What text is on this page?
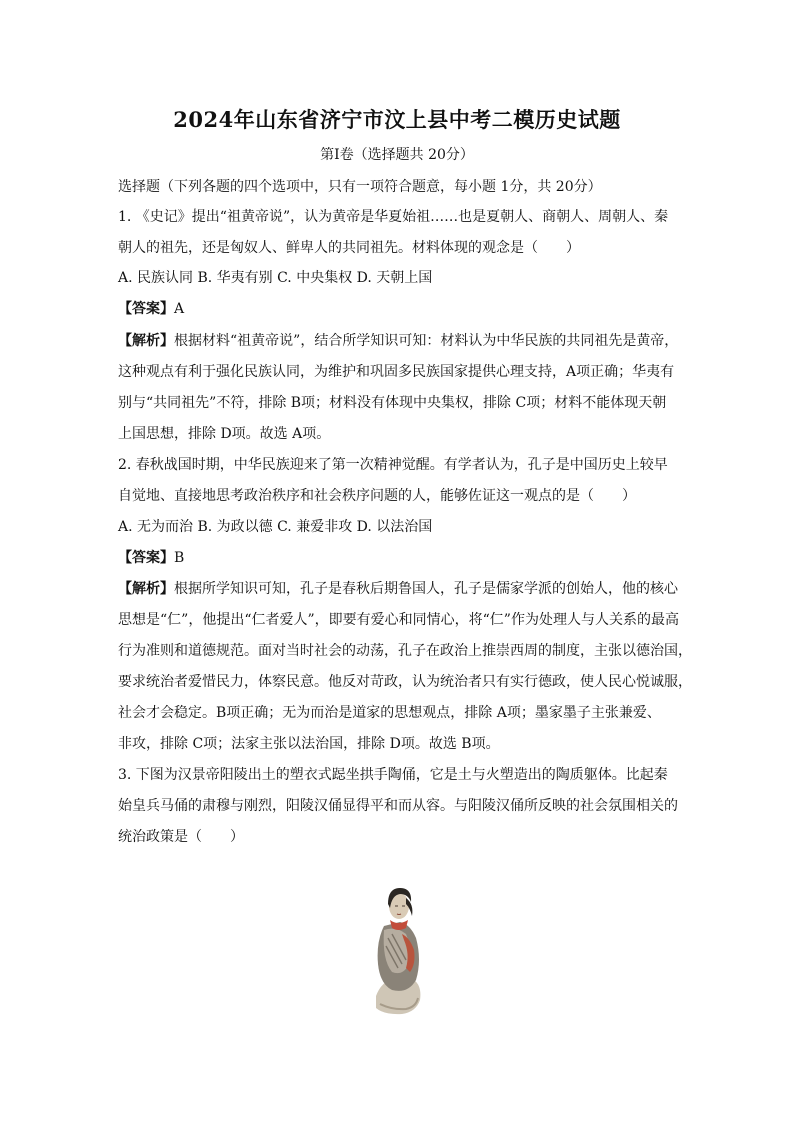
2024年山东省济宁市汶上县中考二模历史试题
第Ⅰ卷（选择题共 20分）
选择题（下列各题的四个选项中，只有一项符合题意，每小题 1分，共 20分）
1. 《史记》提出“祖黄帝说”，认为黄帝是华夏始祖……也是夏朝人、商朝人、周朝人、秦
朝人的祖先，还是匈奴人、鲜卑人的共同祖先。材料体现的观念是（　　）
A. 民族认同 B. 华夷有别 C. 中央集权 D. 天朝上国
【答案】A
【解析】根据材料“祖黄帝说”，结合所学知识可知：材料认为中华民族的共同祖先是黄帝，
这种观点有利于强化民族认同，为维护和巩固多民族国家提供心理支持，A项正确；华夷有
别与“共同祖先”不符，排除 B项；材料没有体现中央集权，排除 C项；材料不能体现天朝
上国思想，排除 D项。故选 A项。
2. 春秋战国时期，中华民族迎来了第一次精神觉醒。有学者认为，孔子是中国历史上较早
自觉地、直接地思考政治秩序和社会秩序问题的人，能够佐证这一观点的是（　　）
A. 无为而治 B. 为政以德 C. 兼爱非攻 D. 以法治国
【答案】B
【解析】根据所学知识可知，孔子是春秋后期鲁国人，孔子是儒家学派的创始人，他的核心
思想是“仁”，他提出“仁者爱人”，即要有爱心和同情心，将“仁”作为处理人与人关系的最高
行为准则和道德规范。面对当时社会的动荡，孔子在政治上推崇西周的制度，主张以德治国，
要求统治者爱惜民力，体察民意。他反对苛政，认为统治者只有实行德政，使人民心悦诚服，
社会才会稳定。B项正确；无为而治是道家的思想观点，排除 A项；墨家墨子主张兼爱、
非攻，排除 C项；法家主张以法治国，排除 D项。故选 B项。
3. 下图为汉景帝阳陵出土的塑衣式跽坐拱手陶俑，它是土与火塑造出的陶质躯体。比起秦
始皇兵马俑的肃穆与刚烈，阳陵汉俑显得平和而从容。与阳陵汉俑所反映的社会氛围相关的
统治政策是（　　）
